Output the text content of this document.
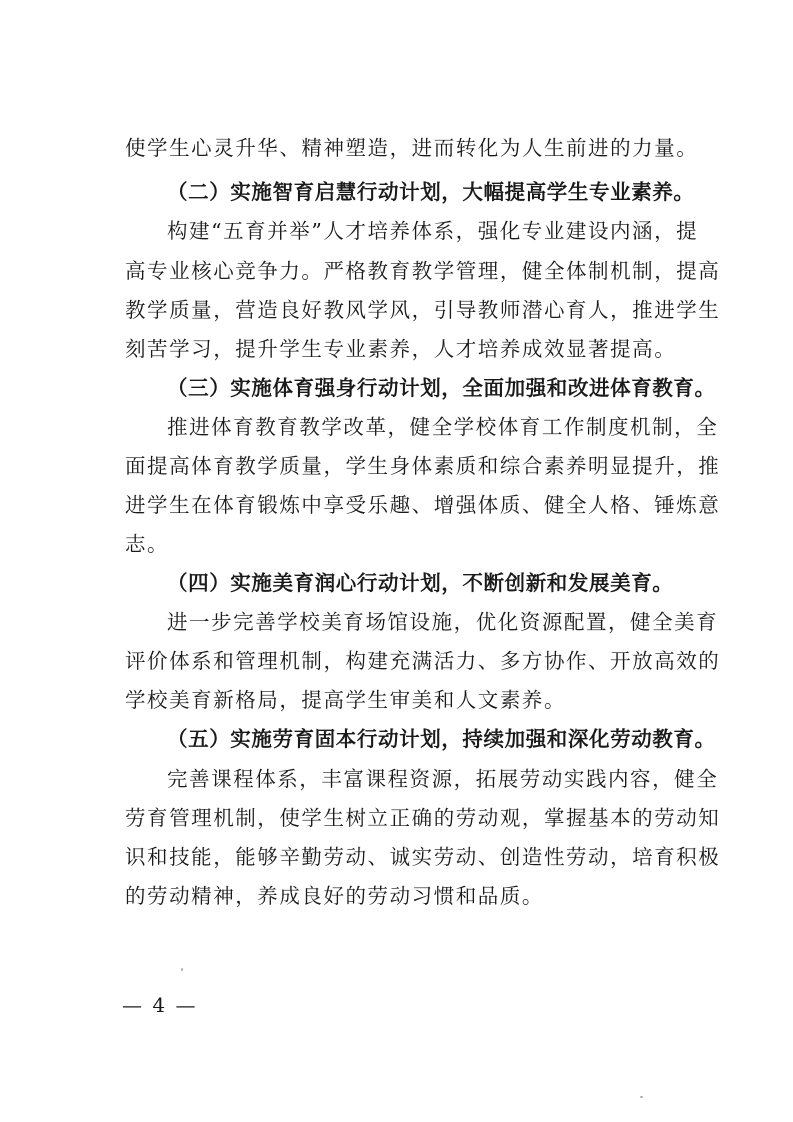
使学生心灵升华、精神塑造，进而转化为人生前进的力量。
（二）实施智育启慧行动计划，大幅提高学生专业素养。
构建“五育并举”人才培养体系，强化专业建设内涵，提
高专业核心竞争力。严格教育教学管理，健全体制机制，提高
教学质量，营造良好教风学风，引导教师潜心育人，推进学生
刻苦学习，提升学生专业素养，人才培养成效显著提高。
（三）实施体育强身行动计划，全面加强和改进体育教育。
推进体育教育教学改革，健全学校体育工作制度机制，全
面提高体育教学质量，学生身体素质和综合素养明显提升，推
进学生在体育锻炼中享受乐趣、增强体质、健全人格、锤炼意
志。
（四）实施美育润心行动计划，不断创新和发展美育。
进一步完善学校美育场馆设施，优化资源配置，健全美育
评价体系和管理机制，构建充满活力、多方协作、开放高效的
学校美育新格局，提高学生审美和人文素养。
（五）实施劳育固本行动计划，持续加强和深化劳动教育。
完善课程体系，丰富课程资源，拓展劳动实践内容，健全
劳育管理机制，使学生树立正确的劳动观，掌握基本的劳动知
识和技能，能够辛勤劳动、诚实劳动、创造性劳动，培育积极
的劳动精神，养成良好的劳动习惯和品质。
— 4 —
